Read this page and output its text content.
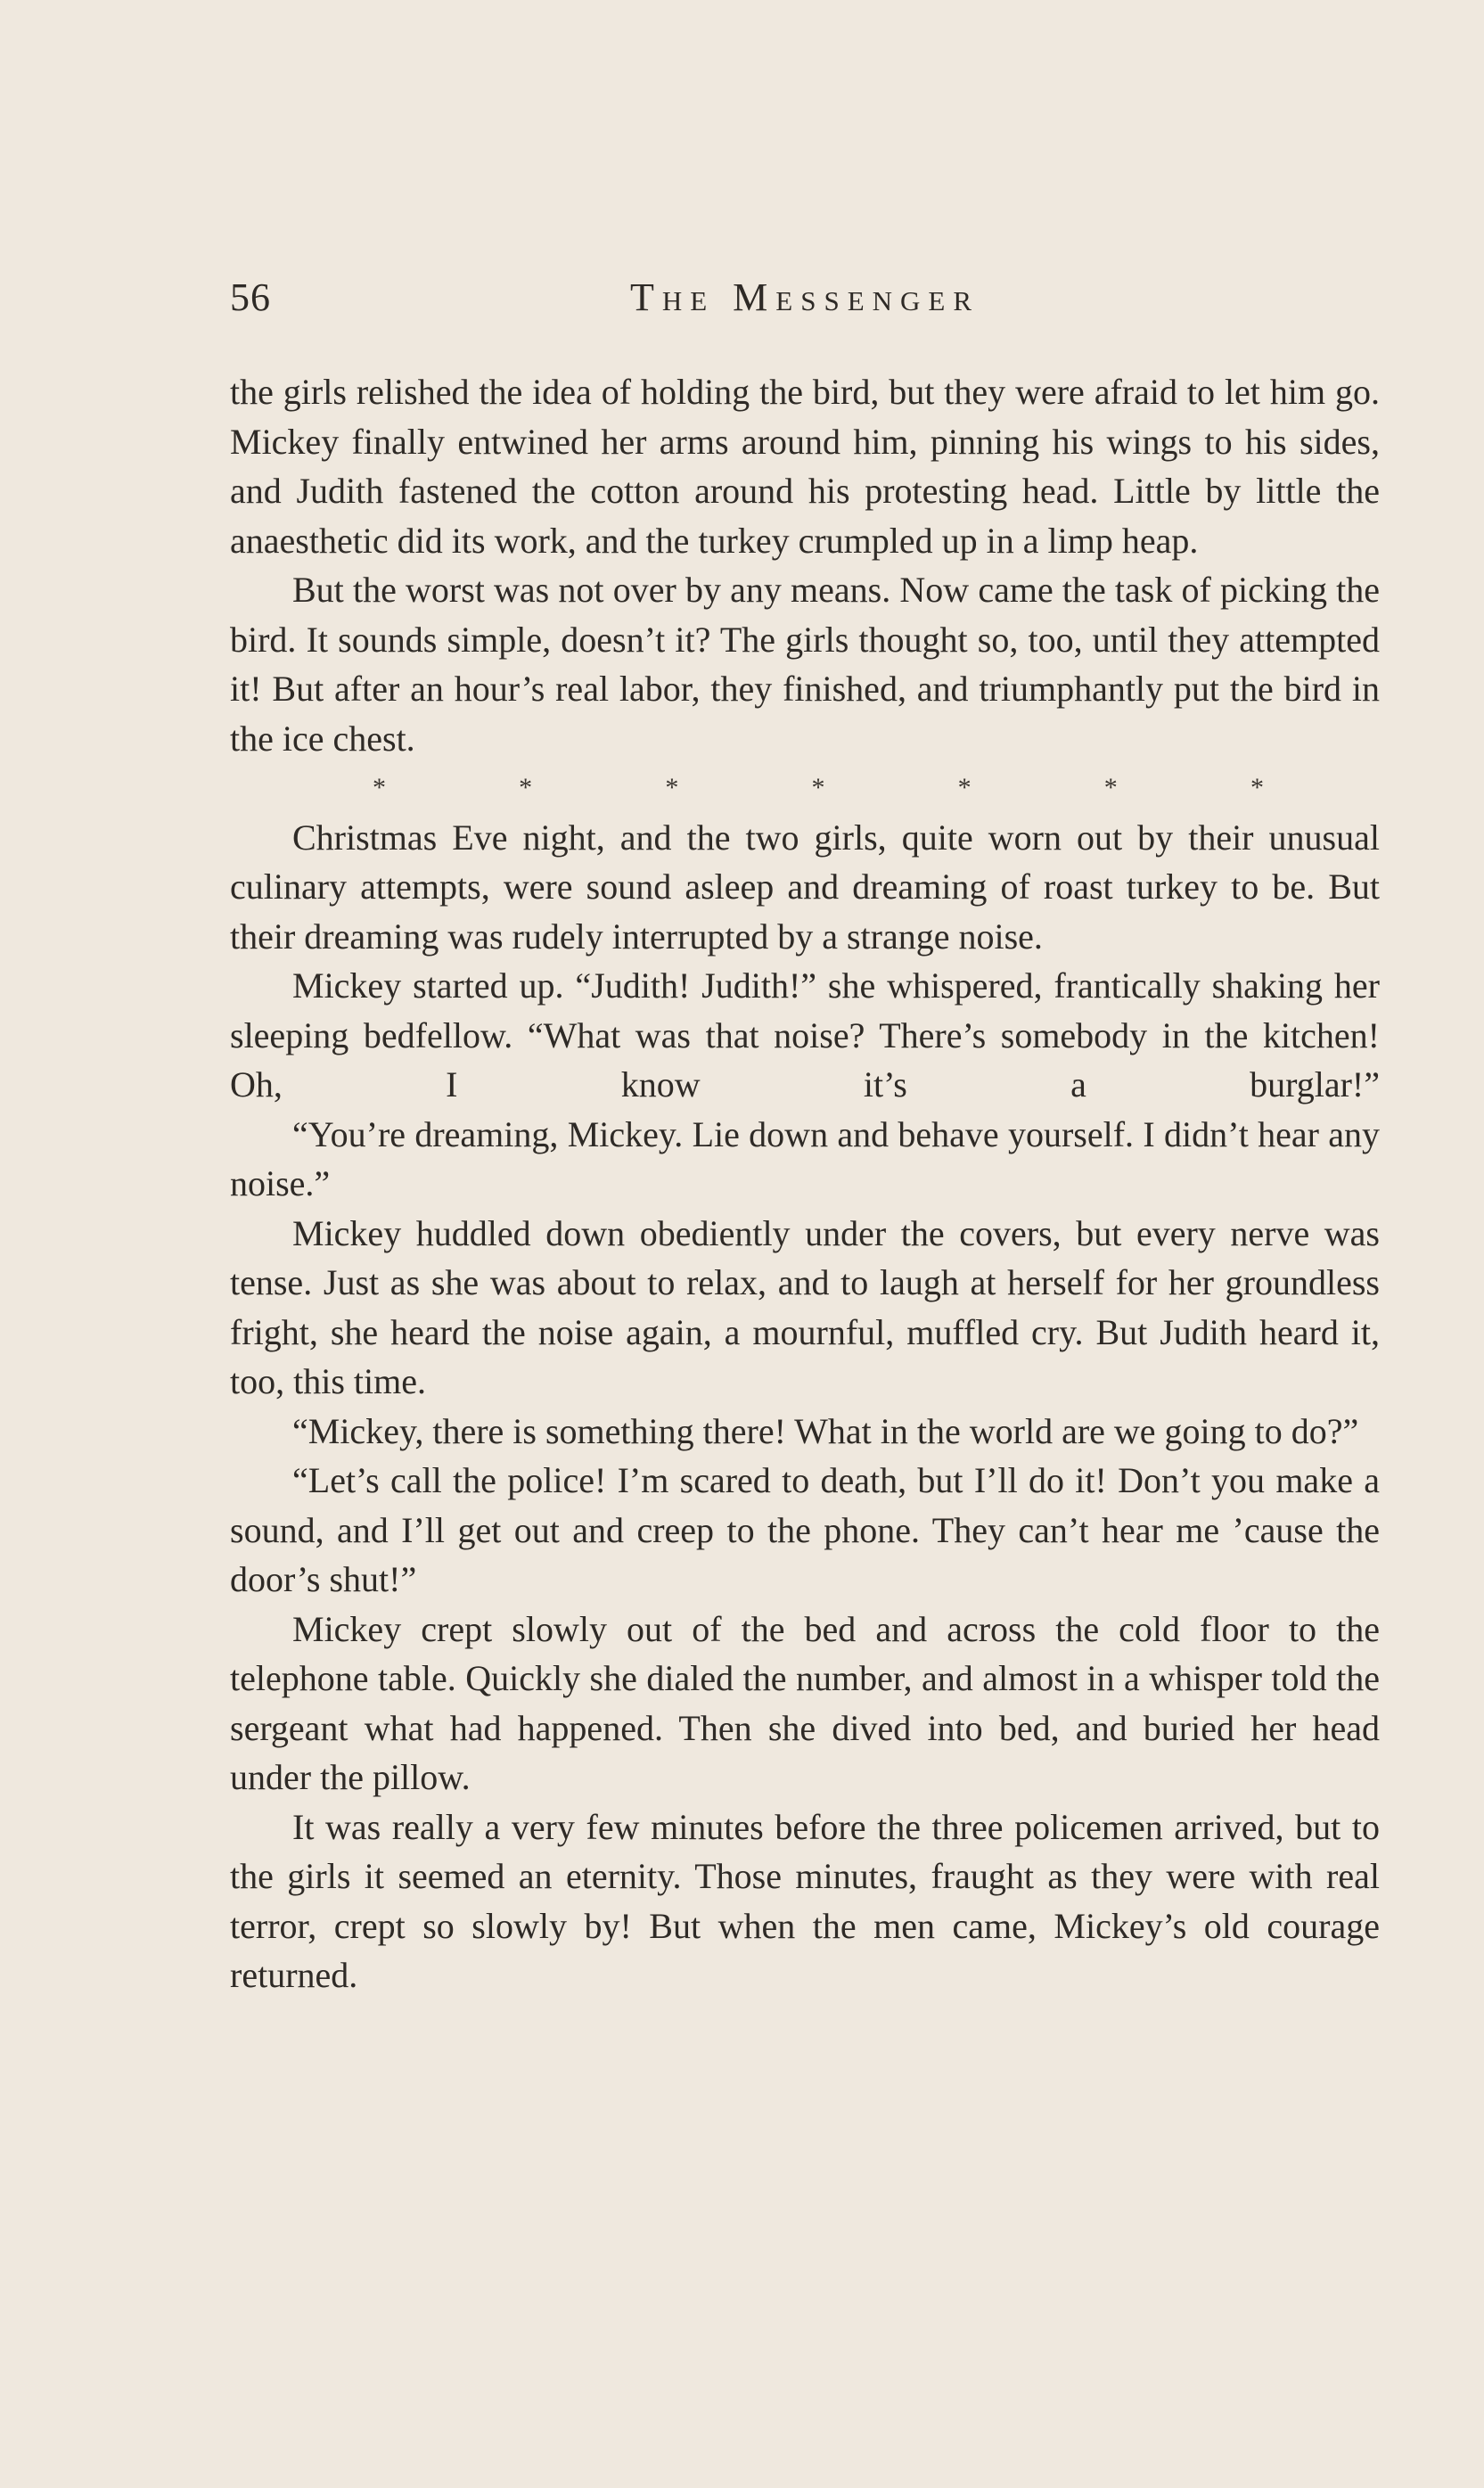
56	The Messenger

the girls relished the idea of holding the bird, but they were afraid to let him go. Mickey finally entwined her arms around him, pinning his wings to his sides, and Judith fastened the cotton around his protesting head. Little by little the anaesthetic did its work, and the turkey crumpled up in a limp heap.

But the worst was not over by any means. Now came the task of picking the bird. It sounds simple, doesn’t it? The girls thought so, too, until they attempted it! But after an hour’s real labor, they finished, and triumphantly put the bird in the ice chest.

*	*	*	*	*	*	*

Christmas Eve night, and the two girls, quite worn out by their unusual culinary attempts, were sound asleep and dreaming of roast turkey to be. But their dreaming was rudely interrupted by a strange noise.

Mickey started up. “Judith! Judith!” she whispered, frantically shaking her sleeping bedfellow. “What was that noise? There’s somebody in the kitchen! Oh, I know it’s a burglar!”

“You’re dreaming, Mickey. Lie down and behave yourself. I didn’t hear any noise.”

Mickey huddled down obediently under the covers, but every nerve was tense. Just as she was about to relax, and to laugh at herself for her groundless fright, she heard the noise again, a mournful, muffled cry. But Judith heard it, too, this time.

“Mickey, there is something there! What in the world are we going to do?”

“Let’s call the police! I’m scared to death, but I’ll do it! Don’t you make a sound, and I’ll get out and creep to the phone. They can’t hear me ’cause the door’s shut!”

Mickey crept slowly out of the bed and across the cold floor to the telephone table. Quickly she dialed the number, and almost in a whisper told the sergeant what had happened. Then she dived into bed, and buried her head under the pillow.

It was really a very few minutes before the three policemen arrived, but to the girls it seemed an eternity. Those minutes, fraught as they were with real terror, crept so slowly by! But when the men came, Mickey’s old courage returned.
